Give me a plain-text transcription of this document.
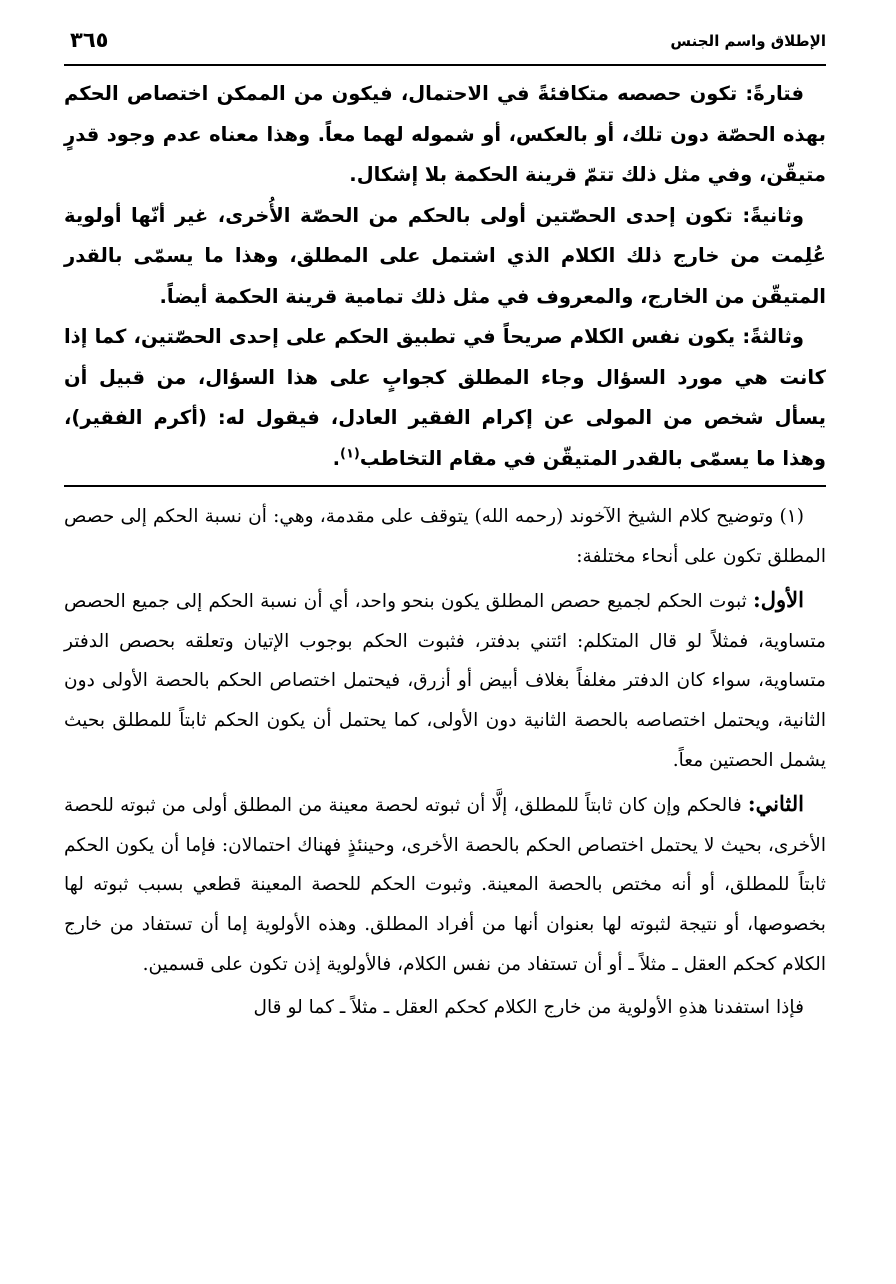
الإطلاق واسم الجنس
٣٦٥

فتارةً: تكون حصصه متكافئةً في الاحتمال، فيكون من الممكن اختصاص الحكم بهذه الحصّة دون تلك، أو بالعكس، أو شموله لهما معاً. وهذا معناه عدم وجود قدرٍ متيقّن، وفي مثل ذلك تتمّ قرينة الحكمة بلا إشكال.

وثانيةً: تكون إحدى الحصّتين أولى بالحكم من الحصّة الأُخرى، غير أنّها أولوية عُلِمت من خارج ذلك الكلام الذي اشتمل على المطلق، وهذا ما يسمّى بالقدر المتيقّن من الخارج، والمعروف في مثل ذلك تمامية قرينة الحكمة أيضاً.

وثالثةً: يكون نفس الكلام صريحاً في تطبيق الحكم على إحدى الحصّتين، كما إذا كانت هي مورد السؤال وجاء المطلق كجوابٍ على هذا السؤال، من قبيل أن يسأل شخص من المولى عن إكرام الفقير العادل، فيقول له: (أكرم الفقير)، وهذا ما يسمّى بالقدر المتيقّن في مقام التخاطب$^{(١)}$.

(١) وتوضيح كلام الشيخ الآخوند (رحمه الله) يتوقف على مقدمة، وهي: أن نسبة الحكم إلى حصص المطلق تكون على أنحاء مختلفة:

الأول: ثبوت الحكم لجميع حصص المطلق يكون بنحو واحد، أي أن نسبة الحكم إلى جميع الحصص متساوية، فمثلاً لو قال المتكلم: ائتني بدفتر، فثبوت الحكم بوجوب الإتيان وتعلقه بحصص الدفتر متساوية، سواء كان الدفتر مغلفاً بغلاف أبيض أو أزرق، فيحتمل اختصاص الحكم بالحصة الأولى دون الثانية، ويحتمل اختصاصه بالحصة الثانية دون الأولى، كما يحتمل أن يكون الحكم ثابتاً للمطلق بحيث يشمل الحصتين معاً.

الثاني: فالحكم وإن كان ثابتاً للمطلق، إلَّا أن ثبوته لحصة معينة من المطلق أولى من ثبوته للحصة الأخرى، بحيث لا يحتمل اختصاص الحكم بالحصة الأخرى، وحينئذٍ فهناك احتمالان: فإما أن يكون الحكم ثابتاً للمطلق، أو أنه مختص بالحصة المعينة. وثبوت الحكم للحصة المعينة قطعي بسبب ثبوته لها بخصوصها، أو نتيجة لثبوته لها بعنوان أنها من أفراد المطلق. وهذه الأولوية إما أن تستفاد من خارج الكلام كحكم العقل ـ مثلاً ـ أو أن تستفاد من نفس الكلام، فالأولوية إذن تكون على قسمين.

فإذا استفدنا هذهِ الأولوية من خارج الكلام كحكم العقل ـ مثلاً ـ كما لو قال
